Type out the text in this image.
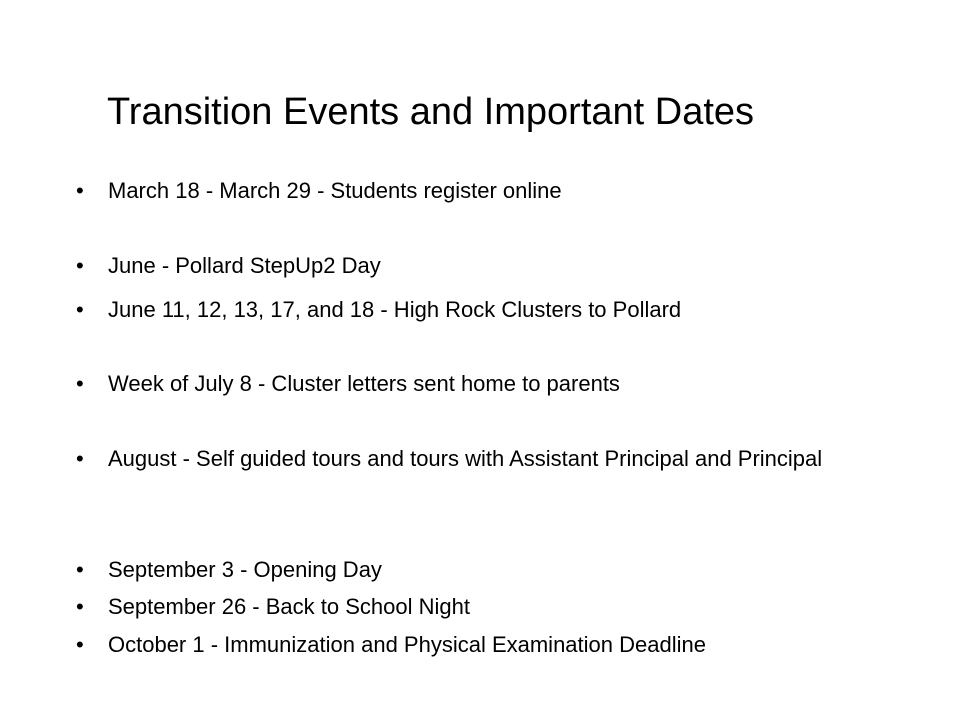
Transition Events and Important Dates
•	March 18 - March 29 - Students register online
•	June - Pollard StepUp2 Day
•	June 11, 12, 13, 17, and 18 - High Rock Clusters to Pollard
•	Week of July 8 - Cluster letters sent home to parents
•	August - Self guided tours and tours with Assistant Principal and Principal
•	September 3 - Opening Day
•	September 26 - Back to School Night
•	October 1 - Immunization and Physical Examination Deadline
